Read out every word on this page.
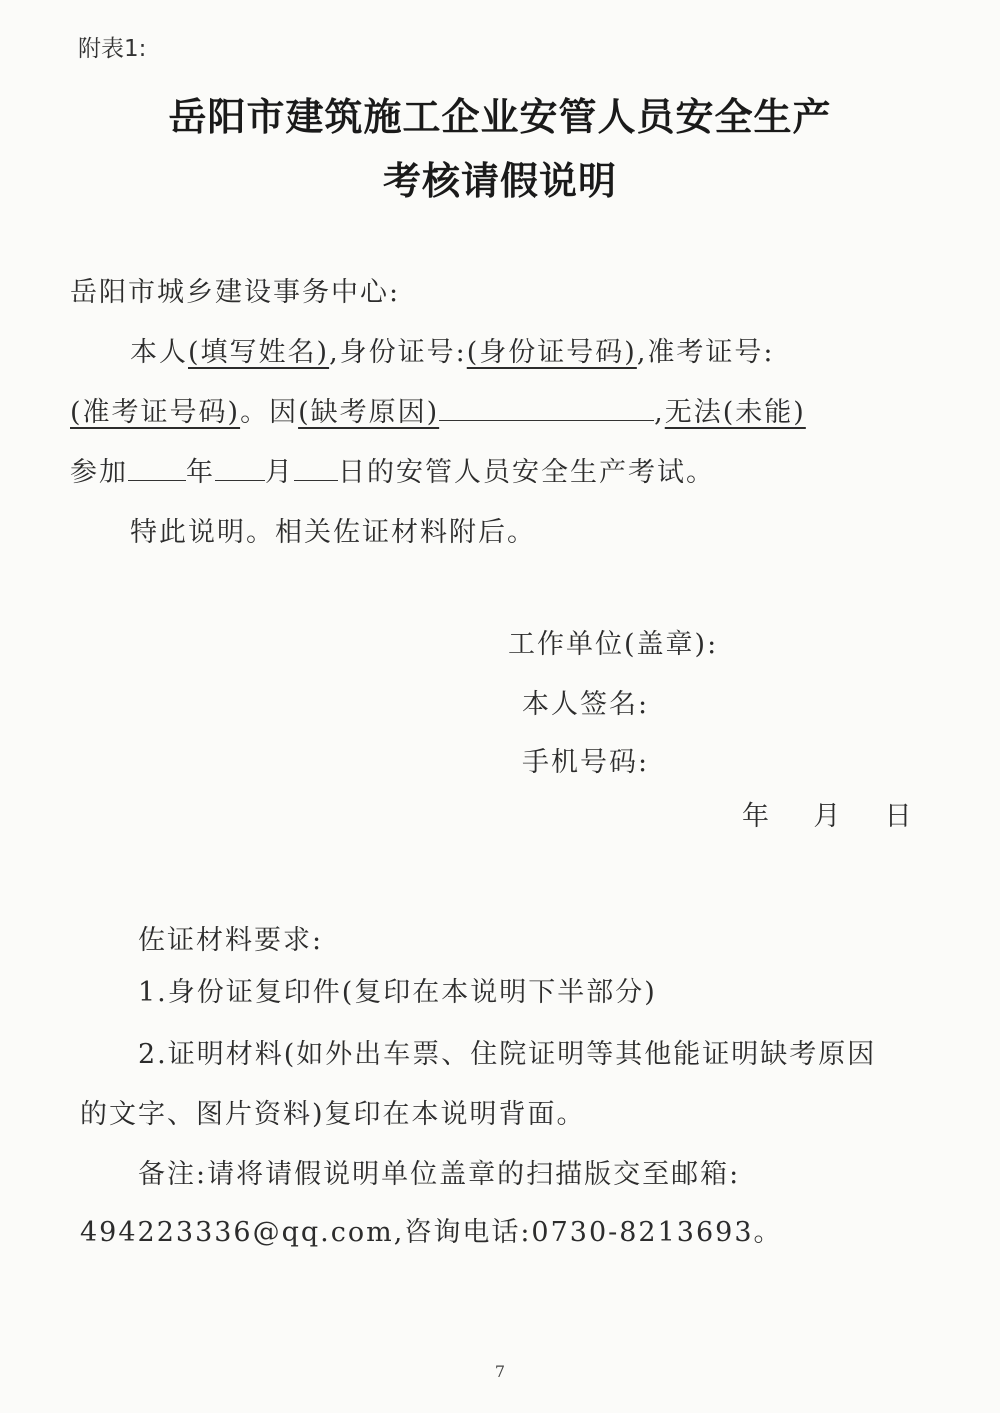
附表1:
岳阳市建筑施工企业安管人员安全生产
考核请假说明
岳阳市城乡建设事务中心:
本人(填写姓名),身份证号:(身份证号码),准考证号:
(准考证号码)。因(缺考原因)	,无法(未能)
参加 年 月 日的安管人员安全生产考试。
特此说明。相关佐证材料附后。
工作单位(盖章):
本人签名:
手机号码:
年    月    日
佐证材料要求:
1.身份证复印件(复印在本说明下半部分)
2.证明材料(如外出车票、住院证明等其他能证明缺考原因
的文字、图片资料)复印在本说明背面。
备注:请将请假说明单位盖章的扫描版交至邮箱:
494223336@qq.com,咨询电话:0730-8213693。
7
